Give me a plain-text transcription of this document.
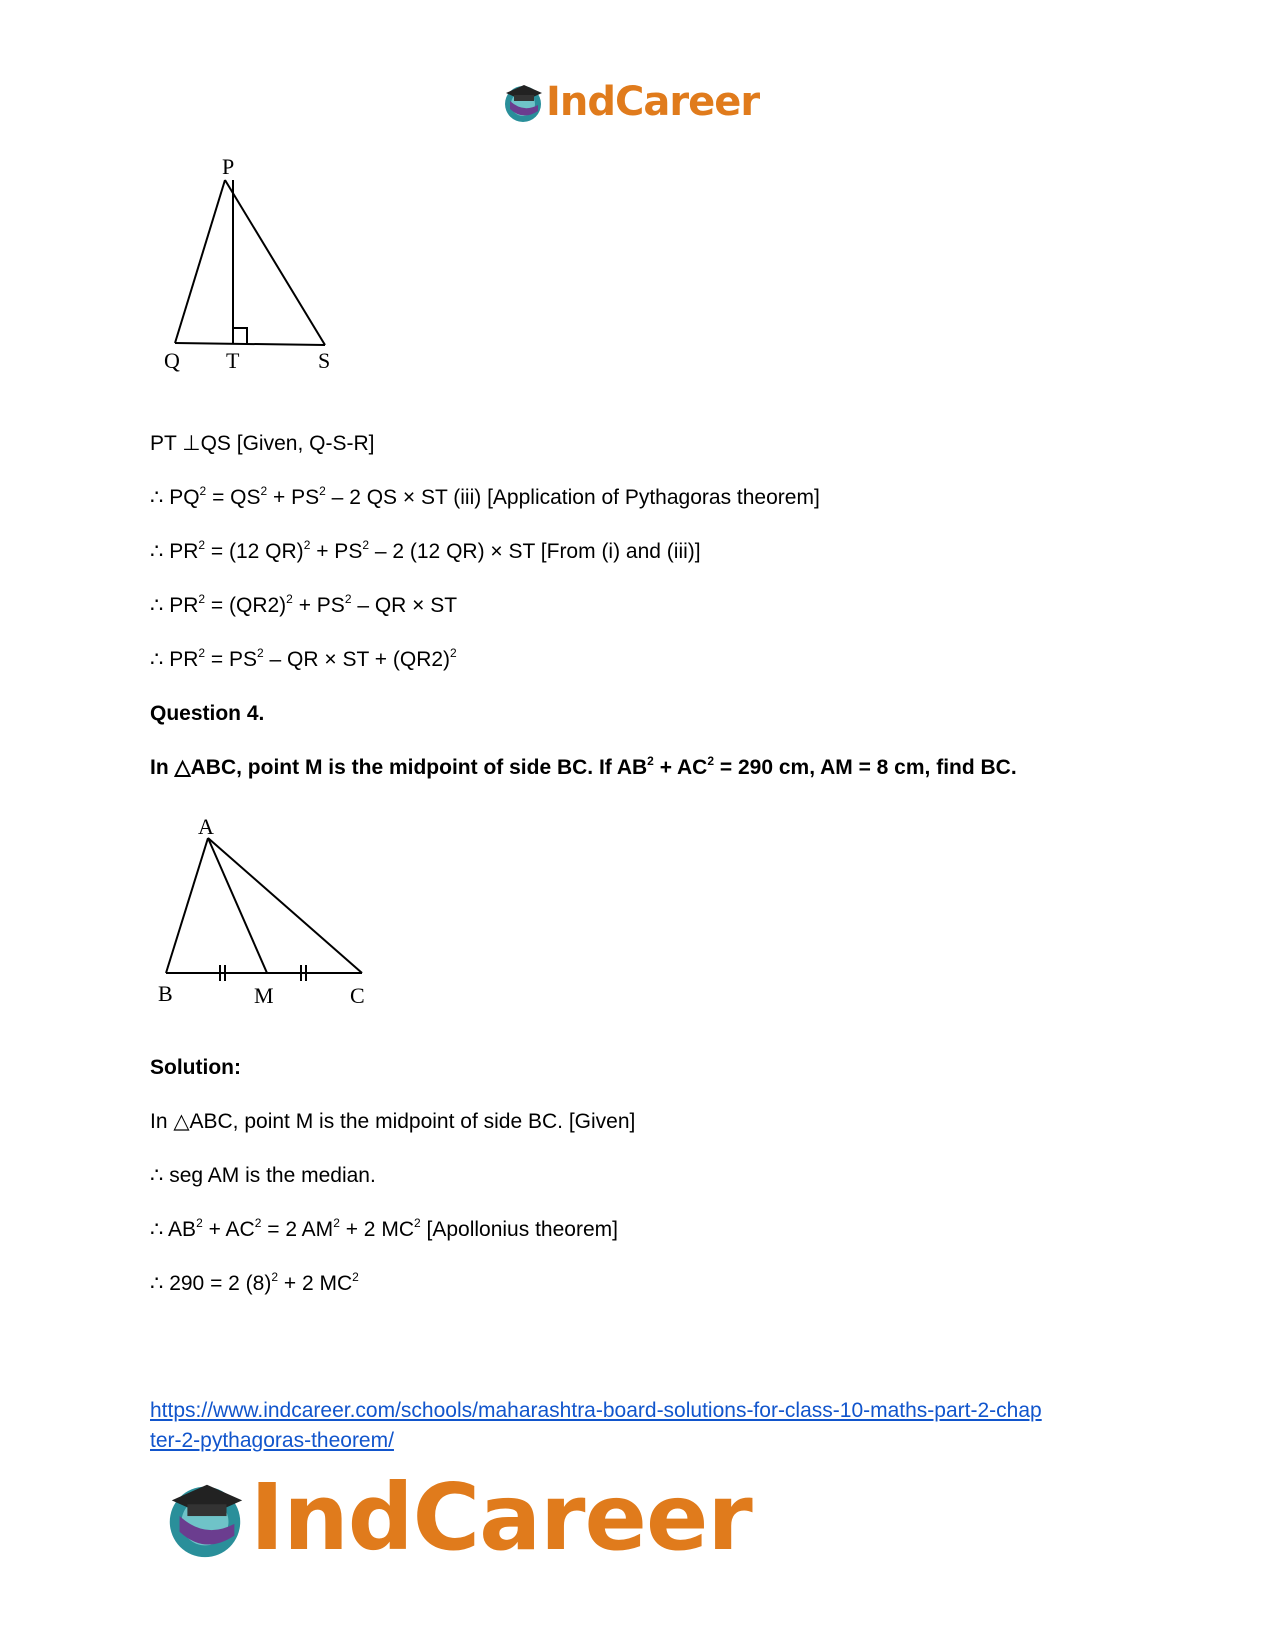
IndCareer
P
Q T	S
PT ⊥QS [Given, Q-S-R]
∴ $PQ^2 = QS^2 + PS^2 - 2$ QS × ST (iii) [Application of Pythagoras theorem]
∴ $PR^2 = (12$ $QR)^2 + PS^2 - 2$ (12 QR) × ST [From (i) and (iii)]
∴ $PR^2 = (QR2)^2 + PS^2$ – QR × ST
∴ $PR^2 = PS^2$ – QR × ST + $(QR2)^2$
Question 4.
In △ABC, point M is the midpoint of side BC. If $AB^2 + AC^2 = 290$ cm, AM = 8 cm, find BC.
A
B	M	C
Solution:
In △ABC, point M is the midpoint of side BC. [Given]
∴ seg AM is the median.
∴ $AB^2 + AC^2 = 2$ $AM^2 + 2$ $MC^2$ [Apollonius theorem]
∴ 290 = 2 $(8)^2 + 2$ $MC^2$
https://www.indcareer.com/schools/maharashtra-board-solutions-for-class-10-maths-part-2-chap
ter-2-pythagoras-theorem/
IndCareer
